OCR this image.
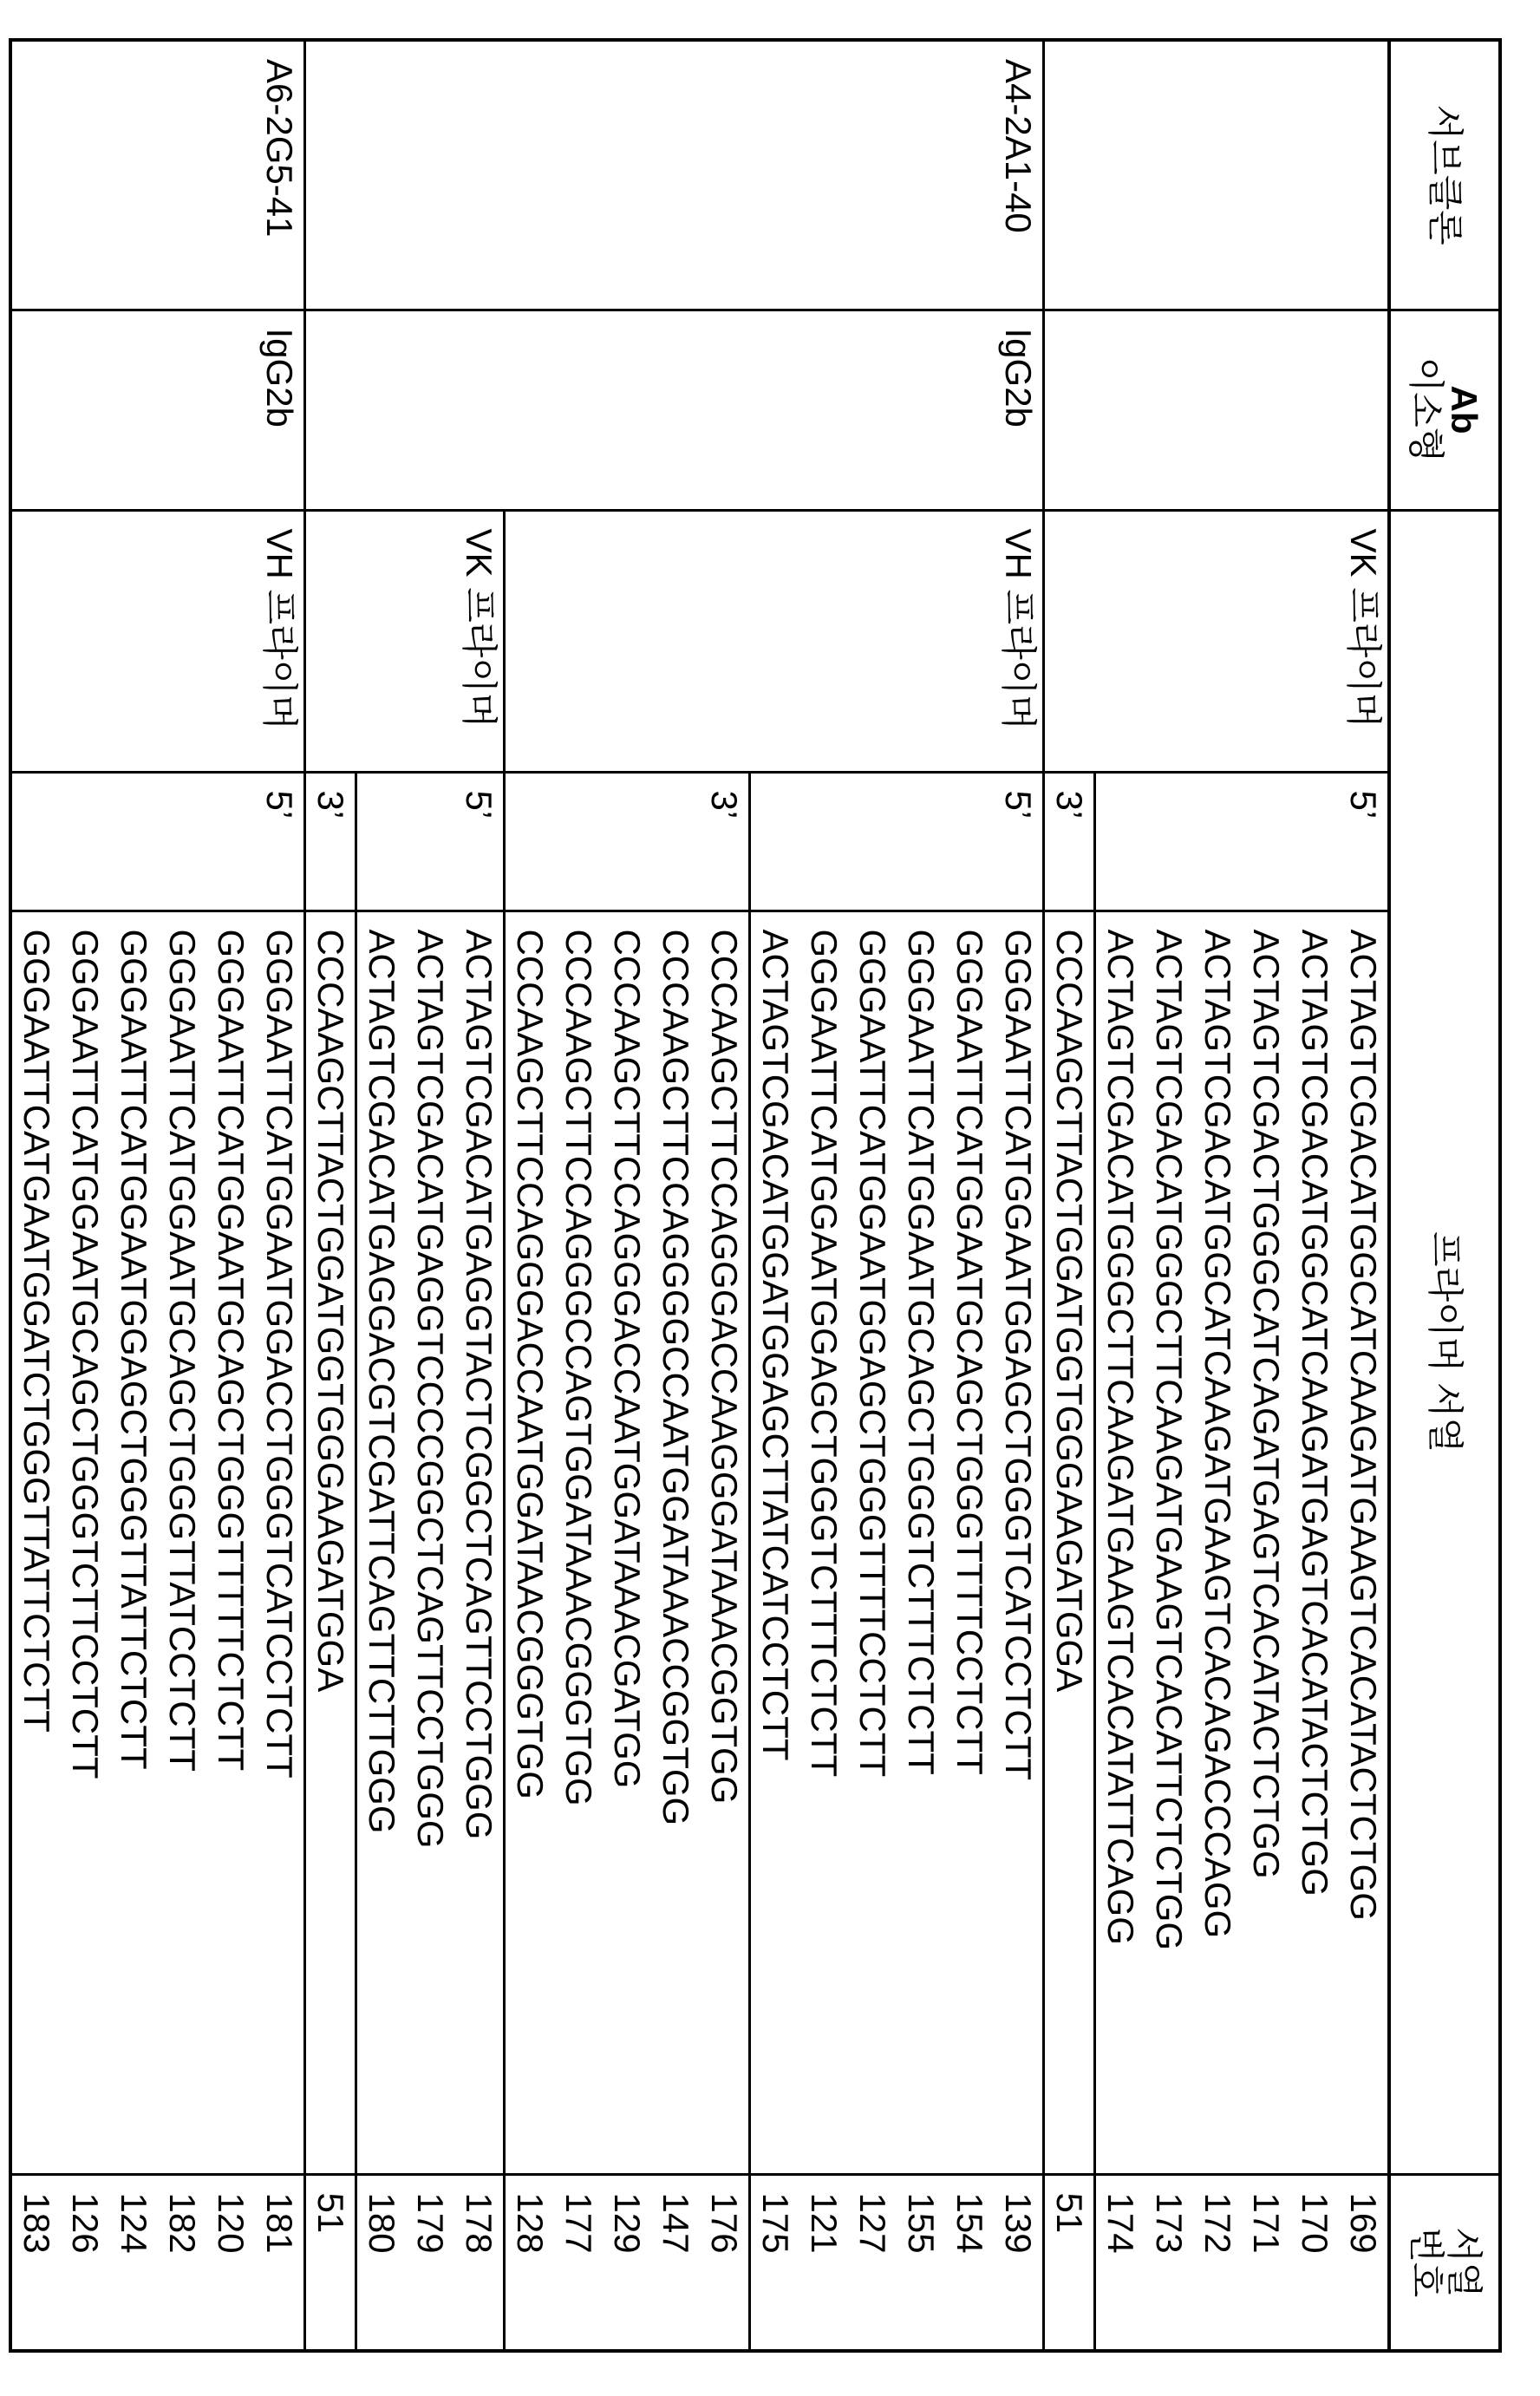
서브클론	
Ab
이소형
	프라이머 서열	
서열
번호

		VK 프라이머	5’	ACTAGTCGACATGGCATCAAGATGAAGTCACATACTCTGG	169
ACTAGTCGACATGGCATCAAGATGAGTCACATACTCTGG	170
ACTAGTCGACTGGGCATCAGATGAGTCACATACTCTGG	171
ACTAGTCGACATGGCATCAAGATGAAGTCACAGACCCAGG	172
ACTAGTCGACATGGGCTTCAAGATGAAGTCACATTCTCTGG	173
ACTAGTCGACATGGGCTTCAAGATGAAGTCACATATTCAGG	174
3’	CCCAAGCTTACTGGATGGTGGGAAGATGGA	51
A4-2A1-40	IgG2b	VH 프라이머	5’	GGGAATTCATGGAATGGAGCTGGGTCATCCTCTT	139
GGGAATTCATGGAATGCAGCTGGGTTTTCCTCTT	154
GGGAATTCATGGAATGCAGCTGGGTCTTTCTCTT	155
GGGAATTCATGGAATGGAGCTGGGTTTTCCTCTT	127
GGGAATTCATGGAATGGAGCTGGGTCTTTCTCTT	121
ACTAGTCGACATGGATGGAGCTTATCATCCTCTT	175
3’	CCCAAGCTTCCAGGGACCAAGGGATAAACGGTGG	176
CCCAAGCTTCCAGGGGCCAATGGATAAACCGGTGG	147
CCCAAGCTTCCAGGGACCAATGGATAAACGATGG	129
CCCAAGCTTCCAGGGCCAGTGGATAAACGGGTGG	177
CCCAAGCTTCCAGGGACCAATGGATAACGGGTGG	128
VK 프라이머	5’	ACTAGTCGACATGAGGTACTCGGCTCAGTTCCTGGG	178
ACTAGTCGACATGAGGTCCCCGGCTCAGTTCCTGGG	179
ACTAGTCGACATGAGGACGTCGATTCAGTTCTTGGG	180
3’	CCCAAGCTTACTGGATGGTGGGAAGATGGA	51
A6-2G5-41	IgG2b	VH 프라이머	5’	GGGAATTCATGGAATGGACCTGGGTCATCCTCTT	181
GGGAATTCATGGAATGCAGCTGGGTTTTTCTCTT	120
GGGAATTCATGGAATGCAGCTGGGTTATCCTCTT	182
GGGAATTCATGGAATGGAGCTGGGTTATTCTCTT	124
GGGAATTCATGGAATGCAGCTGGGTCTTCCTCTT	126
GGGAATTCATGAATGGATCTGGGTTATTCTCTT	183
